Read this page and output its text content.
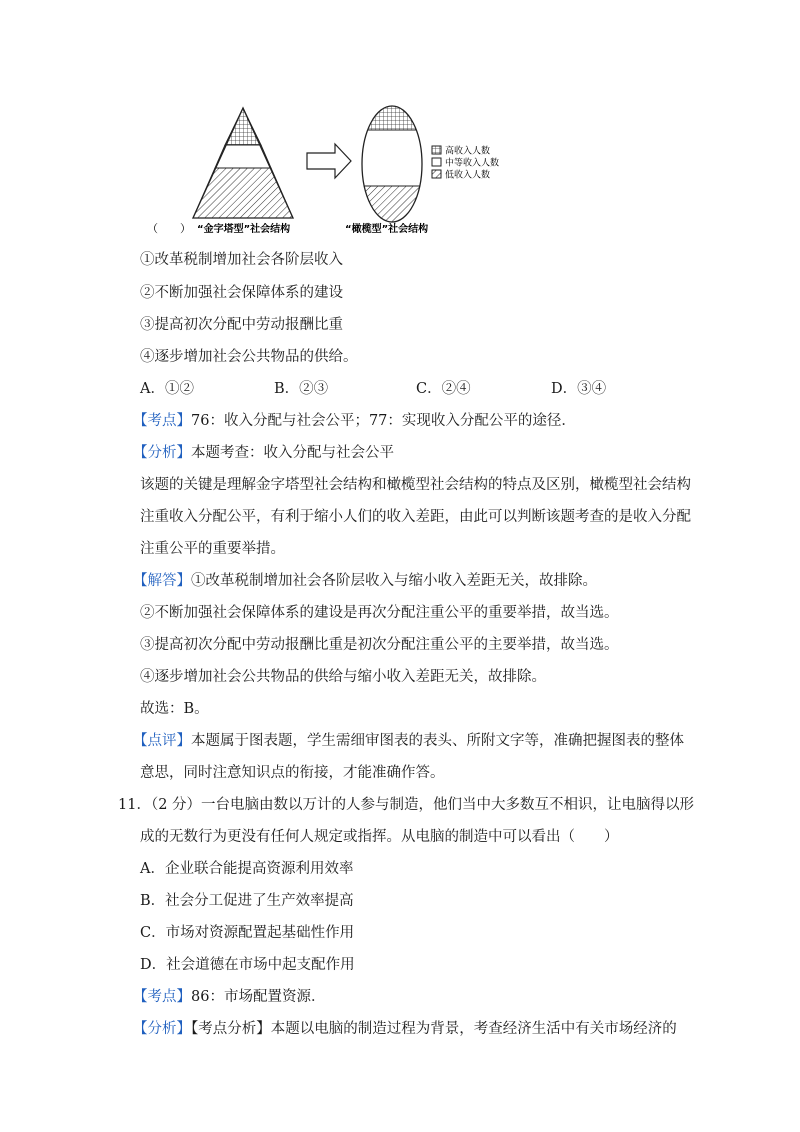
高收入人数
中等收入人数
低收入人数
（　　） “金字塔型”社会结构	“橄榄型”社会结构
①改革税制增加社会各阶层收入
②不断加强社会保障体系的建设
③提高初次分配中劳动报酬比重
④逐步增加社会公共物品的供给。
A．①②	B．②③	C．②④	D．③④
【考点】76：收入分配与社会公平；77：实现收入分配公平的途径．
【分析】本题考查：收入分配与社会公平
该题的关键是理解金字塔型社会结构和橄榄型社会结构的特点及区别，橄榄型社会结构
注重收入分配公平，有利于缩小人们的收入差距，由此可以判断该题考查的是收入分配
注重公平的重要举措。
【解答】①改革税制增加社会各阶层收入与缩小收入差距无关，故排除。
②不断加强社会保障体系的建设是再次分配注重公平的重要举措，故当选。
③提高初次分配中劳动报酬比重是初次分配注重公平的主要举措，故当选。
④逐步增加社会公共物品的供给与缩小收入差距无关，故排除。
故选：B。
【点评】本题属于图表题，学生需细审图表的表头、所附文字等，准确把握图表的整体
意思，同时注意知识点的衔接，才能准确作答。
11．（2 分）一台电脑由数以万计的人参与制造，他们当中大多数互不相识，让电脑得以形
成的无数行为更没有任何人规定或指挥。从电脑的制造中可以看出（　　）
A．企业联合能提高资源利用效率
B．社会分工促进了生产效率提高
C．市场对资源配置起基础性作用
D．社会道德在市场中起支配作用
【考点】86：市场配置资源．
【分析】【考点分析】本题以电脑的制造过程为背景，考查经济生活中有关市场经济的
